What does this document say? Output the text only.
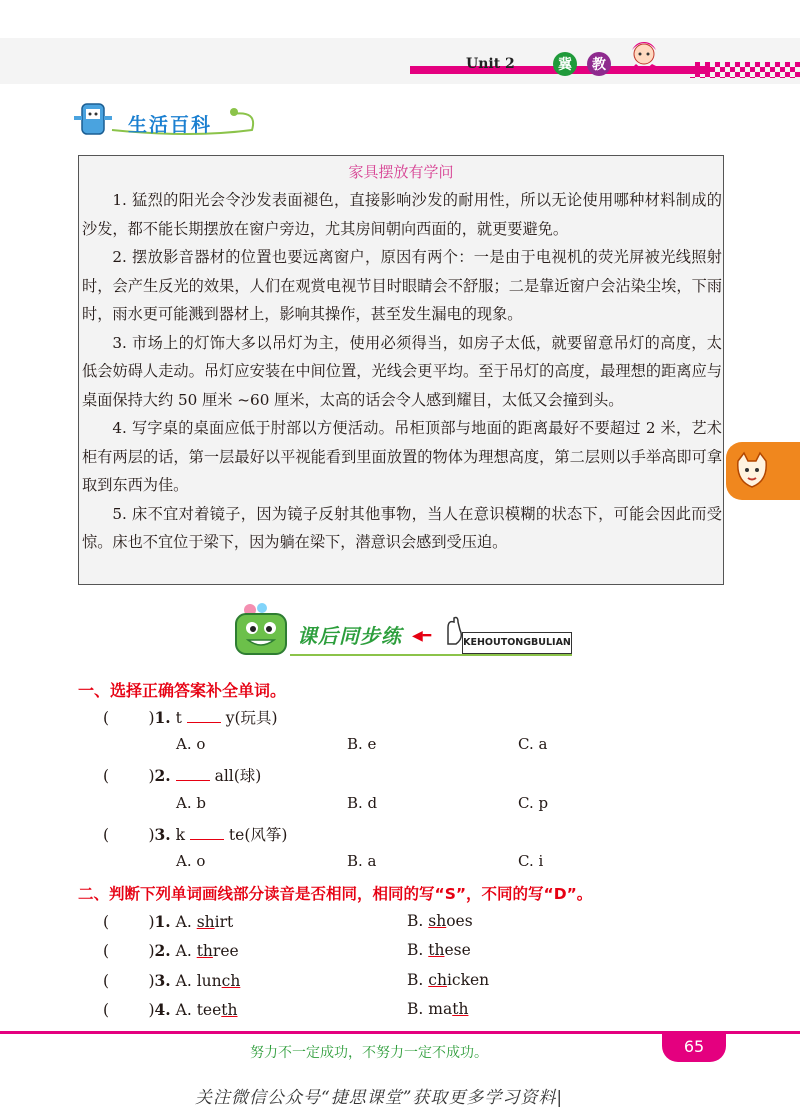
Unit 2	冀	教
生活百科
家具摆放有学问

1. 猛烈的阳光会令沙发表面褪色，直接影响沙发的耐用性，所以无论使用哪种材料制成的沙发，都不能长期摆放在窗户旁边，尤其房间朝向西面的，就更要避免。

2. 摆放影音器材的位置也要远离窗户，原因有两个：一是由于电视机的荧光屏被光线照射时，会产生反光的效果，人们在观赏电视节目时眼睛会不舒服；二是靠近窗户会沾染尘埃，下雨时，雨水更可能溅到器材上，影响其操作，甚至发生漏电的现象。

3. 市场上的灯饰大多以吊灯为主，使用必须得当，如房子太低，就要留意吊灯的高度，太低会妨碍人走动。吊灯应安装在中间位置，光线会更平均。至于吊灯的高度，最理想的距离应与桌面保持大约 50 厘米 ~60 厘米，太高的话会令人感到耀目，太低又会撞到头。

4. 写字桌的桌面应低于肘部以方便活动。吊柜顶部与地面的距离最好不要超过 2 米，艺术柜有两层的话，第一层最好以平视能看到里面放置的物体为理想高度，第二层则以手举高即可拿取到东西为佳。

5. 床不宜对着镜子，因为镜子反射其他事物，当人在意识模糊的状态下，可能会因此而受惊。床也不宜位于梁下，因为躺在梁下，潜意识会感到受压迫。

课后同步练 ◀━	KEHOUTONGBULIAN
一、选择正确答案补全单词。
(        )1. t	y(玩具)
A. o	B. e	C. a
(        )2.	all(球)
A. b	B. d	C. p
(        )3. k	te(风筝)
A. o	B. a	C. i
二、判断下列单词画线部分读音是否相同，相同的写“S”，不同的写“D”。
(        )1. A. shirt	B. shoes
(        )2. A. three	B. these
(        )3. A. lunch	B. chicken
(        )4. A. teeth	B. math
努力不一定成功，不努力一定不成功。	65
关注微信公众号“捷思课堂”获取更多学习资料|
